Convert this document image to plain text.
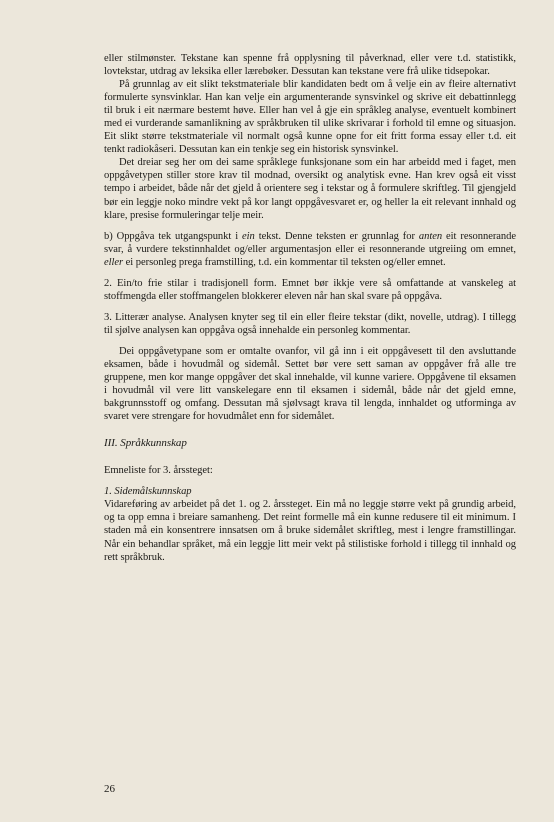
eller stilmønster. Tekstane kan spenne frå opplysning til påverknad, eller vere t.d. statistikk, lovtekstar, utdrag av leksika eller lærebøker. Dessutan kan tekstane vere frå ulike tidsepokar.

På grunnlag av eit slikt tekstmateriale blir kandidaten bedt om å velje ein av fleire alternativt formulerte synsvinklar. Han kan velje ein argumenterande synsvinkel og skrive eit debattinnlegg til bruk i eit nærmare bestemt høve. Eller han vel å gje ein språkleg analyse, eventuelt kombinert med ei vurderande samanlikning av språkbruken til ulike skrivarar i forhold til emne og situasjon. Eit slikt større tekstmateriale vil normalt også kunne opne for eit fritt forma essay eller t.d. eit tenkt radiokåseri. Dessutan kan ein tenkje seg ein historisk synsvinkel.

Det dreiar seg her om dei same språklege funksjonane som ein har arbeidd med i faget, men oppgåvetypen stiller store krav til modnad, oversikt og analytisk evne. Han krev også eit visst tempo i arbeidet, både når det gjeld å orientere seg i tekstar og å formulere skriftleg. Til gjengjeld bør ein leggje noko mindre vekt på kor langt oppgåvesvaret er, og heller la eit relevant innhald og klare, presise formuleringar telje meir.

b) Oppgåva tek utgangspunkt i ein tekst. Denne teksten er grunnlag for anten eit resonnerande svar, å vurdere tekstinnhaldet og/eller argumentasjon eller ei resonnerande utgreiing om emnet, eller ei personleg prega framstilling, t.d. ein kommentar til teksten og/eller emnet.

2. Ein/to frie stilar i tradisjonell form. Emnet bør ikkje vere så omfattande at vanskeleg at stoffmengda eller stoffmangelen blokkerer eleven når han skal svare på oppgåva.

3. Litterær analyse. Analysen knyter seg til ein eller fleire tekstar (dikt, novelle, utdrag). I tillegg til sjølve analysen kan oppgåva også innehalde ein personleg kommentar.

Dei oppgåvetypane som er omtalte ovanfor, vil gå inn i eit oppgåvesett til den avsluttande eksamen, både i hovudmål og sidemål. Settet bør vere sett saman av oppgåver frå alle tre gruppene, men kor mange oppgåver det skal innehalde, vil kunne variere. Oppgåvene til eksamen i hovudmål vil vere litt vanskelegare enn til eksamen i sidemål, både når det gjeld emne, bakgrunnsstoff og omfang. Dessutan må sjølvsagt krava til lengda, innhaldet og utforminga av svaret vere strengare for hovudmålet enn for sidemålet.

III. Språkkunnskap

Emneliste for 3. årssteget:

1. Sidemålskunnskap

Vidareføring av arbeidet på det 1. og 2. årssteget. Ein må no leggje større vekt på grundig arbeid, og ta opp emna i breiare samanheng. Det reint formelle må ein kunne redusere til eit minimum. I staden må ein konsentrere innsatsen om å bruke sidemålet skriftleg, mest i lengre framstillingar. Når ein behandlar språket, må ein leggje litt meir vekt på stilistiske forhold i tillegg til innhald og rett språkbruk.

26
